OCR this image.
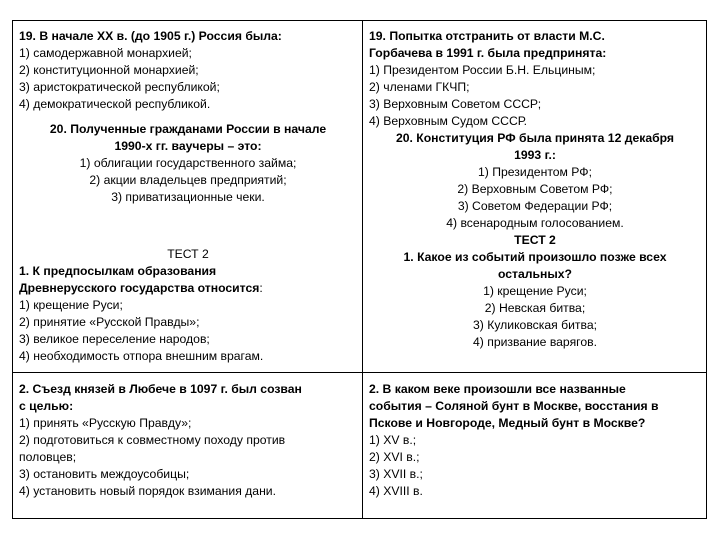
19. В начале XX в. (до 1905 г.) Россия была:

1) самодержавной монархией;

2) конституционной монархией;

3) аристократической республикой;

4) демократической республикой.

20. Полученные гражданами России в начале

1990-х гг. ваучеры – это:

1) облигации государственного займа;

2) акции владельцев предприятий;

3) приватизационные чеки.

ТЕСТ 2

1. К предпосылкам образования

Древнерусского государства относится:

1) крещение Руси;

2) принятие «Русской Правды»;

3) великое переселение народов;

4) необходимость отпора внешним врагам.

19. Попытка отстранить от власти М.С.

Горбачева в 1991 г. была предпринята:

1) Президентом России Б.Н. Ельциным;

2) членами ГКЧП;

3) Верховным Советом СССР;

4) Верховным Судом СССР.

20. Конституция РФ была принята 12 декабря

1993 г.:

1) Президентом РФ;

2) Верховным Советом РФ;

3) Советом Федерации РФ;

4) всенародным голосованием.

ТЕСТ 2

1. Какое из событий произошло позже всех

остальных?

1) крещение Руси;

2) Невская битва;

3) Куликовская битва;

4) призвание варягов.

2. Съезд князей в Любече в 1097 г. был созван

с целью:

1) принять «Русскую Правду»;

2) подготовиться к совместному походу против

половцев;

3) остановить междоусобицы;

4) установить новый порядок взимания дани.

2. В каком веке произошли все названные

события – Соляной бунт в Москве, восстания в

Пскове и Новгороде, Медный бунт в Москве?

1) XV в.;

2) XVI в.;

3) XVII в.;

4) XVIII в.
